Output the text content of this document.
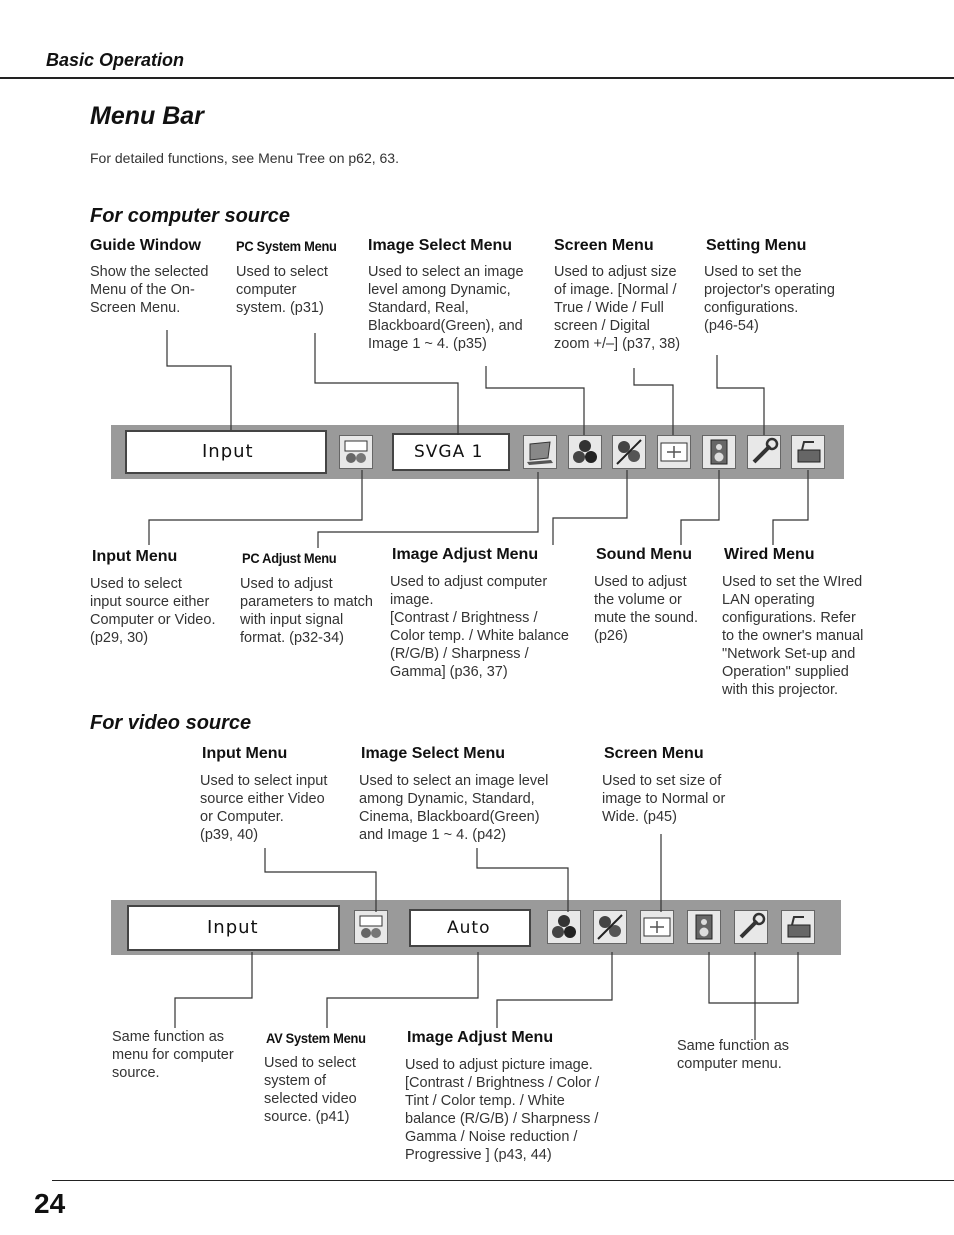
Basic Operation
Menu Bar
For detailed functions, see Menu Tree on p62, 63.
For computer source
Guide Window	PC System Menu Image Select Menu	Screen Menu	Setting Menu
Show the selected
Menu of the On-
Screen Menu.
Used to select
computer
system. (p31)
Used to select an image
level among Dynamic,
Standard, Real,
Blackboard(Green), and
Image 1 ~ 4. (p35)
Used to adjust size
of image. [Normal /
True / Wide / Full
screen / Digital
zoom +/–] (p37, 38)
Used to set the
projector's operating
configurations.
(p46-54)
Input	SVGA 1
Input Menu	PC Adjust Menu	Image Adjust Menu	Sound Menu Wired Menu
Used to select
input source either
Computer or Video.
(p29, 30)
Used to adjust
parameters to match
with input signal
format. (p32-34)
Used to adjust computer
image.
[Contrast / Brightness /
Color temp. / White balance
(R/G/B) / Sharpness /
Gamma] (p36, 37)
Used to adjust
the volume or
mute the sound.
(p26)
Used to set the WIred
LAN operating
configurations. Refer
to the owner's manual
"Network Set-up and
Operation" supplied
with this projector.
For video source
Input Menu	Image Select Menu	Screen Menu
Used to select input
source either Video
or Computer.
(p39, 40)
Used to select an image level
among Dynamic, Standard,
Cinema, Blackboard(Green)
and Image 1 ~ 4. (p42)
Used to set size of
image to Normal or
Wide. (p45)
Input	Auto
Same function as
menu for computer
source.
AV System Menu
Used to select
system of
selected video
source. (p41)
Image Adjust Menu
Used to adjust picture image.
[Contrast / Brightness / Color /
Tint / Color temp. / White
balance (R/G/B) / Sharpness /
Gamma / Noise reduction /
Progressive ] (p43, 44)
Same function as
computer menu.
24
